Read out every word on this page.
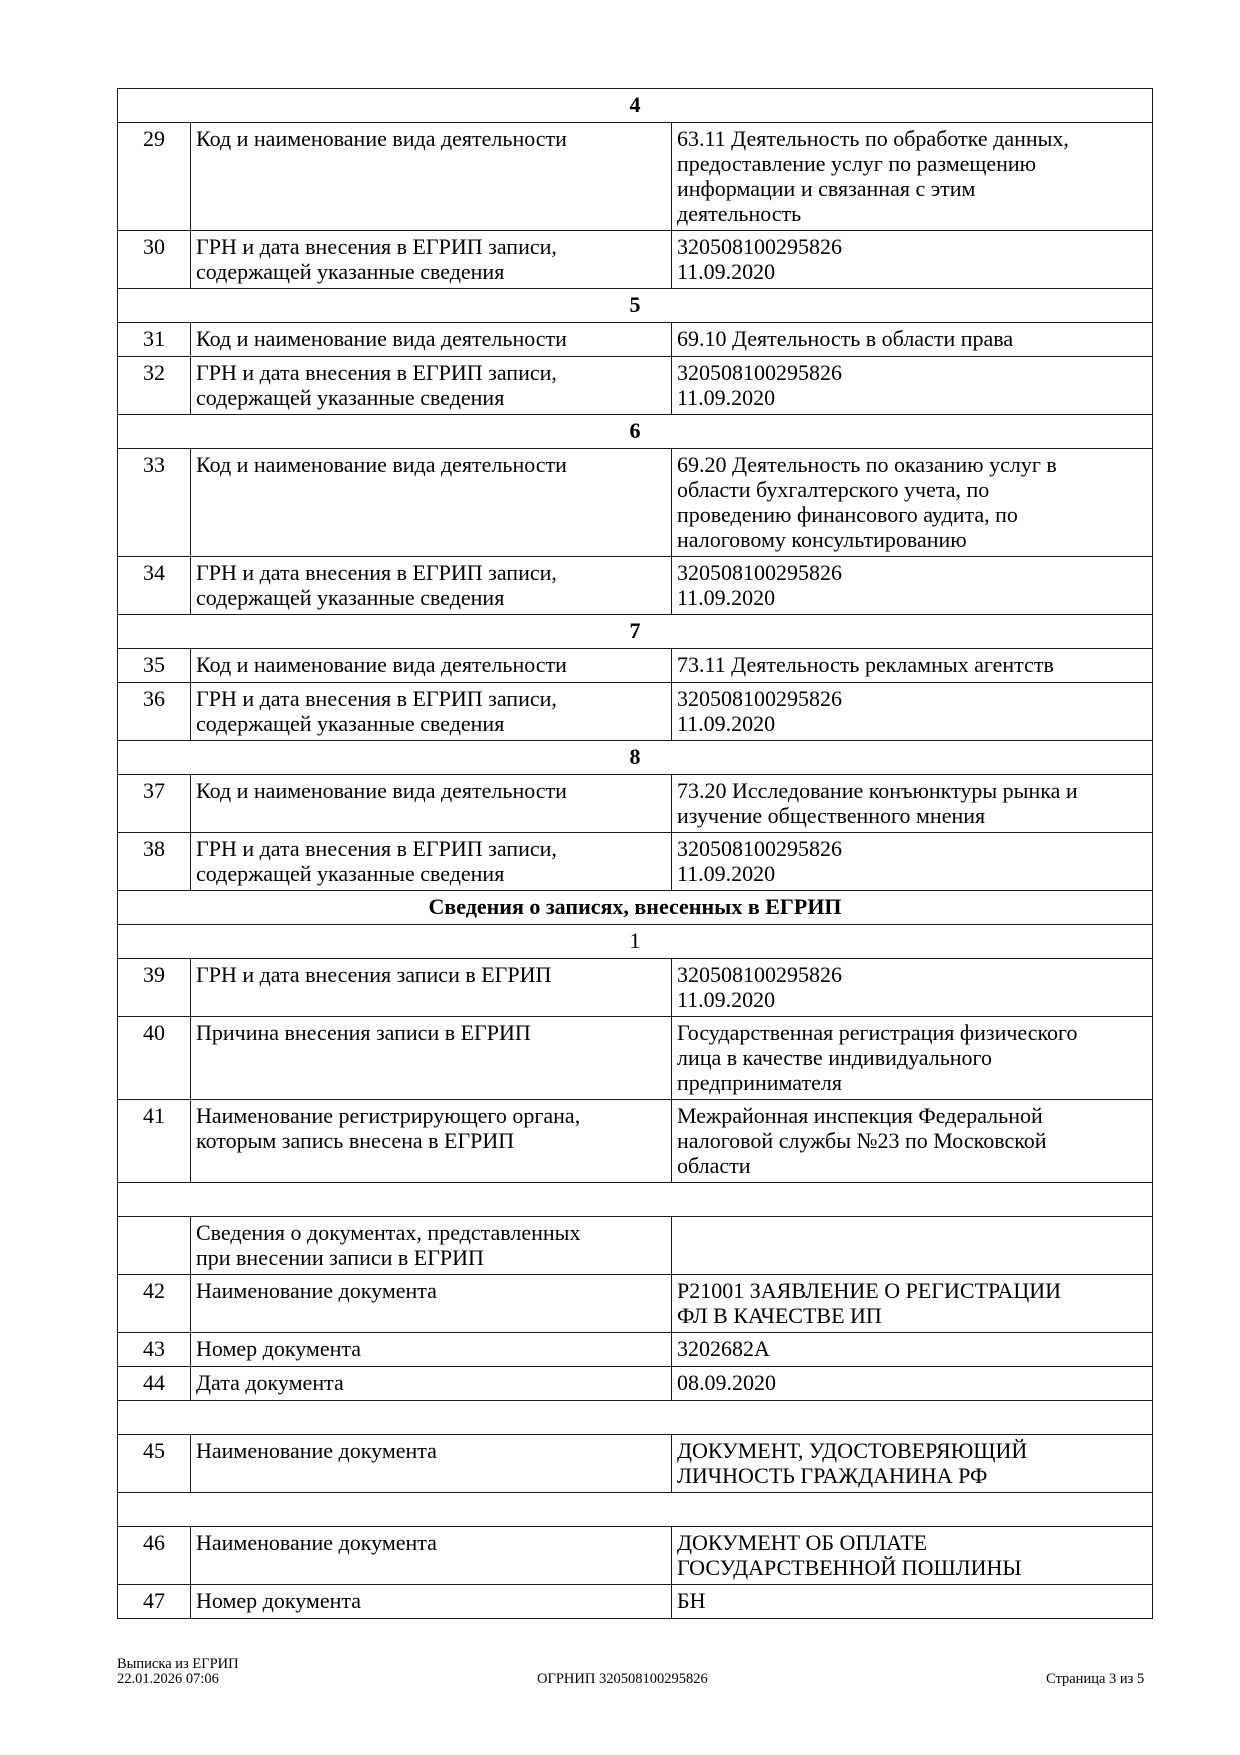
4		
29	Код и наименование вида деятельности	63.11 Деятельность по обработке данных,
предоставление услуг по размещению
информации и связанная с этим
деятельность

30	ГРН и дата внесения в ЕГРИП записи,
содержащей указанные сведения	320508100295826
11.09.2020

5		
31	Код и наименование вида деятельности	69.10 Деятельность в области права

32	ГРН и дата внесения в ЕГРИП записи,
содержащей указанные сведения	320508100295826
11.09.2020

6		
33	Код и наименование вида деятельности	69.20 Деятельность по оказанию услуг в
области бухгалтерского учета, по
проведению финансового аудита, по
налоговому консультированию

34	ГРН и дата внесения в ЕГРИП записи,
содержащей указанные сведения	320508100295826
11.09.2020

7		
35	Код и наименование вида деятельности	73.11 Деятельность рекламных агентств

36	ГРН и дата внесения в ЕГРИП записи,
содержащей указанные сведения	320508100295826
11.09.2020

8		
37	Код и наименование вида деятельности	73.20 Исследование конъюнктуры рынка и
изучение общественного мнения

38	ГРН и дата внесения в ЕГРИП записи,
содержащей указанные сведения	320508100295826
11.09.2020

Сведения о записях, внесенных в ЕГРИП		
1		
39	ГРН и дата внесения записи в ЕГРИП	320508100295826
11.09.2020

40	Причина внесения записи в ЕГРИП	Государственная регистрация физического
лица в качестве индивидуального
предпринимателя

41	Наименование регистрирующего органа,
которым запись внесена в ЕГРИП	Межрайонная инспекция Федеральной
налоговой службы №23 по Московской
области

	Сведения о документах, представленных
при внесении записи в ЕГРИП	

42	Наименование документа	Р21001 ЗАЯВЛЕНИЕ О РЕГИСТРАЦИИ
ФЛ В КАЧЕСТВЕ ИП

43	Номер документа	3202682А

44	Дата документа	08.09.2020

45	Наименование документа	ДОКУМЕНТ, УДОСТОВЕРЯЮЩИЙ
ЛИЧНОСТЬ ГРАЖДАНИНА РФ

46	Наименование документа	ДОКУМЕНТ ОБ ОПЛАТЕ
ГОСУДАРСТВЕННОЙ ПОШЛИНЫ

47	Номер документа	БН
Выписка из ЕГРИП
22.01.2026 07:06	ОГРНИП 320508100295826	Страница 3 из 5
